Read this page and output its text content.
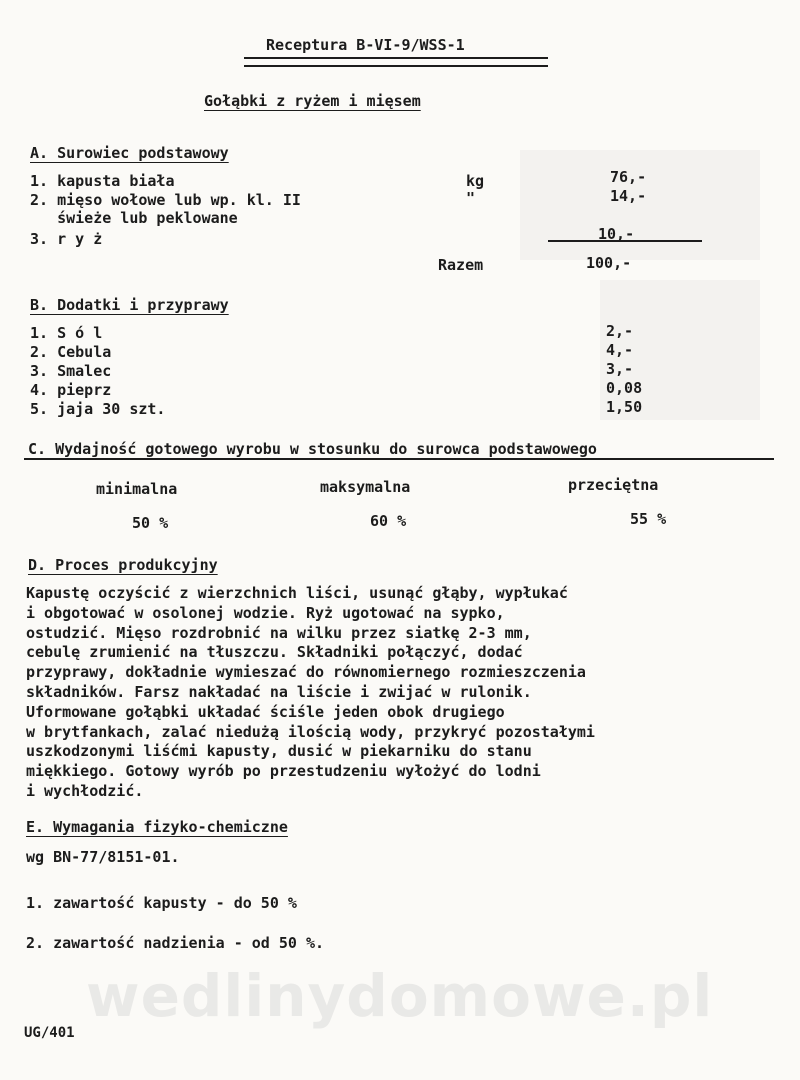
Receptura B-VI-9/WSS-1
Gołąbki z ryżem i mięsem
A. Surowiec podstawowy
1. kapusta biała	kg	76,-
2. mięso wołowe lub wp. kl. II	"	14,-
świeże lub peklowane
3. r y ż	10,-
Razem	100,-
B. Dodatki i przyprawy
1. S ó l	2,-
2. Cebula	4,-
3. Smalec	3,-
4. pieprz	0,08
5. jaja 30 szt.	1,50
C. Wydajność gotowego wyrobu w stosunku do surowca podstawowego
minimalna	maksymalna	przeciętna
50 %	60 %	55 %
D. Proces produkcyjny
Kapustę oczyścić z wierzchnich liści, usunąć głąby, wypłukać
i obgotować w osolonej wodzie. Ryż ugotować na sypko,
ostudzić. Mięso rozdrobnić na wilku przez siatkę 2-3 mm,
cebulę zrumienić na tłuszczu. Składniki połączyć, dodać
przyprawy, dokładnie wymieszać do równomiernego rozmieszczenia
składników. Farsz nakładać na liście i zwijać w rulonik.
Uformowane gołąbki układać ściśle jeden obok drugiego
w brytfankach, zalać niedużą ilością wody, przykryć pozostałymi
uszkodzonymi liśćmi kapusty, dusić w piekarniku do stanu
miękkiego. Gotowy wyrób po przestudzeniu wyłożyć do lodni
i wychłodzić.
E. Wymagania fizyko-chemiczne
wg BN-77/8151-01.
1. zawartość kapusty - do 50 %
2. zawartość nadzienia - od 50 %.
wedlinydomowe.pl
UG/401
